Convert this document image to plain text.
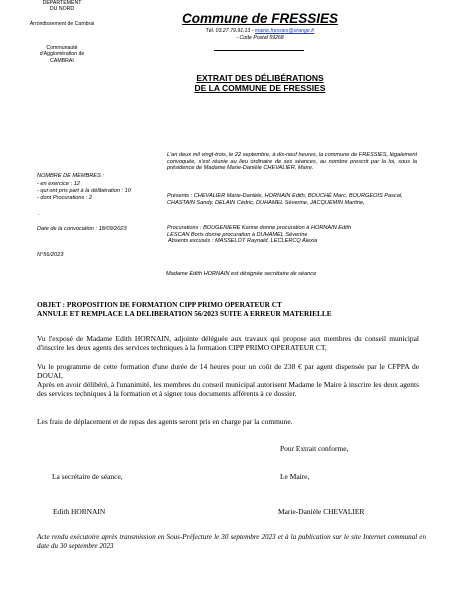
DEPARTEMENT
DU NORD
Arrondissement de Cambrai
Communauté
d'Agglomération de
CAMBRAI
Commune de FRESSIES
Tél. 03.27.79.91.13 - mairie.fressies@orange.fr
- Code Postal 59268
EXTRAIT DES DÉLIBÉRATIONS
DE LA COMMUNE DE FRESSIES
L'an deux mil vingt-trois, le 22 septembre, à dix-neuf heures, la commune de FRESSIES, légalement convoquée, s'est réunie au lieu ordinaire de ses séances, au nombre prescrit par la loi, sous la présidence de Madame Marie-Danièle CHEVALIER, Maire.
NOMBRE DE MEMBRES :
- en exercice : 12
- qui ont pris part à la délibération : 10
- dont Procurations : 2
.
Présents : CHEVALIER Marie-Danièle, HORNAIN Edith, BOUCHÉ Marc, BOURGEOIS Pascal, CHASTAIN Sandy, DELAIN Cédric, DUHAMEL Séverine, JACQUEMIN Martine,
Date de la convocation : 18/09/2023	Procurations : BOUGENIERE Karine donne procuration à HORNAIN Edith
LESCAN Boris donne procuration à DUHAMEL Séverine
Absents excusés : MASSELOT Raynald, LECLERCQ Alexia
N°56/2023
Madame Edith HORNAIN est désignée secrétaire de séance
OBJET : PROPOSITION DE FORMATION CIPP PRIMO OPERATEUR CT
ANNULE ET REMPLACE LA DELIBERATION 56/2023 SUITE A ERREUR MATERIELLE
Vu l'exposé de Madame Edith HORNAIN, adjointe déléguée aux travaux qui propose aux membres du conseil municipal d'inscrire les deux agents des services techniques à la formation CIPP PRIMO OPERATEUR CT,
Vu le programme de cette formation d'une durée de 14 heures pour un coût de 238 € par agent dispensée par le CFPPA de DOUAI,
Après en avoir délibéré, à l'unanimité, les membres du conseil municipal autorisent Madame le Maire à inscrire les deux agents des services techniques à la formation et à signer tous documents afférents à ce dossier.
Les frais de déplacement et de repas des agents seront pris en charge par la commune.
Pour Extrait conforme,
La secrétaire de séance,	Le Maire,
Edith HORNAIN	Marie-Danièle CHEVALIER
Acte rendu exécutoire après transmission en Sous-Préfecture le 30 septembre 2023 et à la publication sur le site Internet communal en date du 30 septembre 2023
